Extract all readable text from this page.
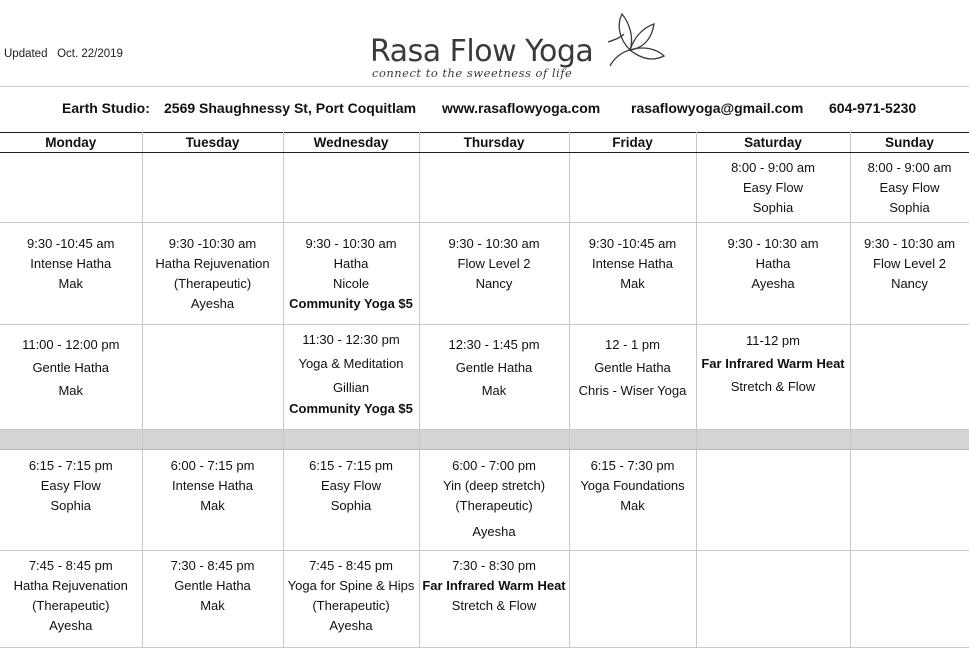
Updated   Oct. 22/2019	Rasa Flow Yoga
connect to the sweetness of life

Earth Studio:

2569 Shaughnessy St, Port Coquitlam

www.rasaflowyoga.com

rasaflowyoga@gmail.com

604-971-5230

Monday	Tuesday	Wednesday	Thursday	Friday	Saturday	Sunday

					8:00 - 9:00 am
Easy Flow
Sophia	8:00 - 9:00 am
Easy Flow
Sophia

9:30 -10:45 am
Intense Hatha
Mak	9:30 -10:30 am
Hatha Rejuvenation
(Therapeutic)
Ayesha	9:30 - 10:30 am
Hatha
Nicole
Community Yoga $5	9:30 - 10:30 am
Flow Level 2
Nancy	9:30 -10:45 am
Intense Hatha
Mak	9:30 - 10:30 am
Hatha
Ayesha	9:30 - 10:30 am
Flow Level 2
Nancy

11:00 - 12:00 pm
Gentle Hatha
Mak		11:30 - 12:30 pm
Yoga & Meditation
Gillian
Community Yoga $5	12:30 - 1:45 pm
Gentle Hatha
Mak	12 - 1 pm
Gentle Hatha
Chris - Wiser Yoga	11-12 pm
Far Infrared Warm Heat
Stretch & Flow	

6:15 - 7:15 pm
Easy Flow
Sophia	6:00 - 7:15 pm
Intense Hatha
Mak	6:15 - 7:15 pm
Easy Flow
Sophia	6:00 - 7:00 pm
Yin (deep stretch)
(Therapeutic)
Ayesha	6:15 - 7:30 pm
Yoga Foundations
Mak		

7:45 - 8:45 pm
Hatha Rejuvenation
(Therapeutic)
Ayesha	7:30 - 8:45 pm
Gentle Hatha
Mak	7:45 - 8:45 pm
Yoga for Spine & Hips
(Therapeutic)
Ayesha	7:30 - 8:30 pm
Far Infrared Warm Heat
Stretch & Flow			
